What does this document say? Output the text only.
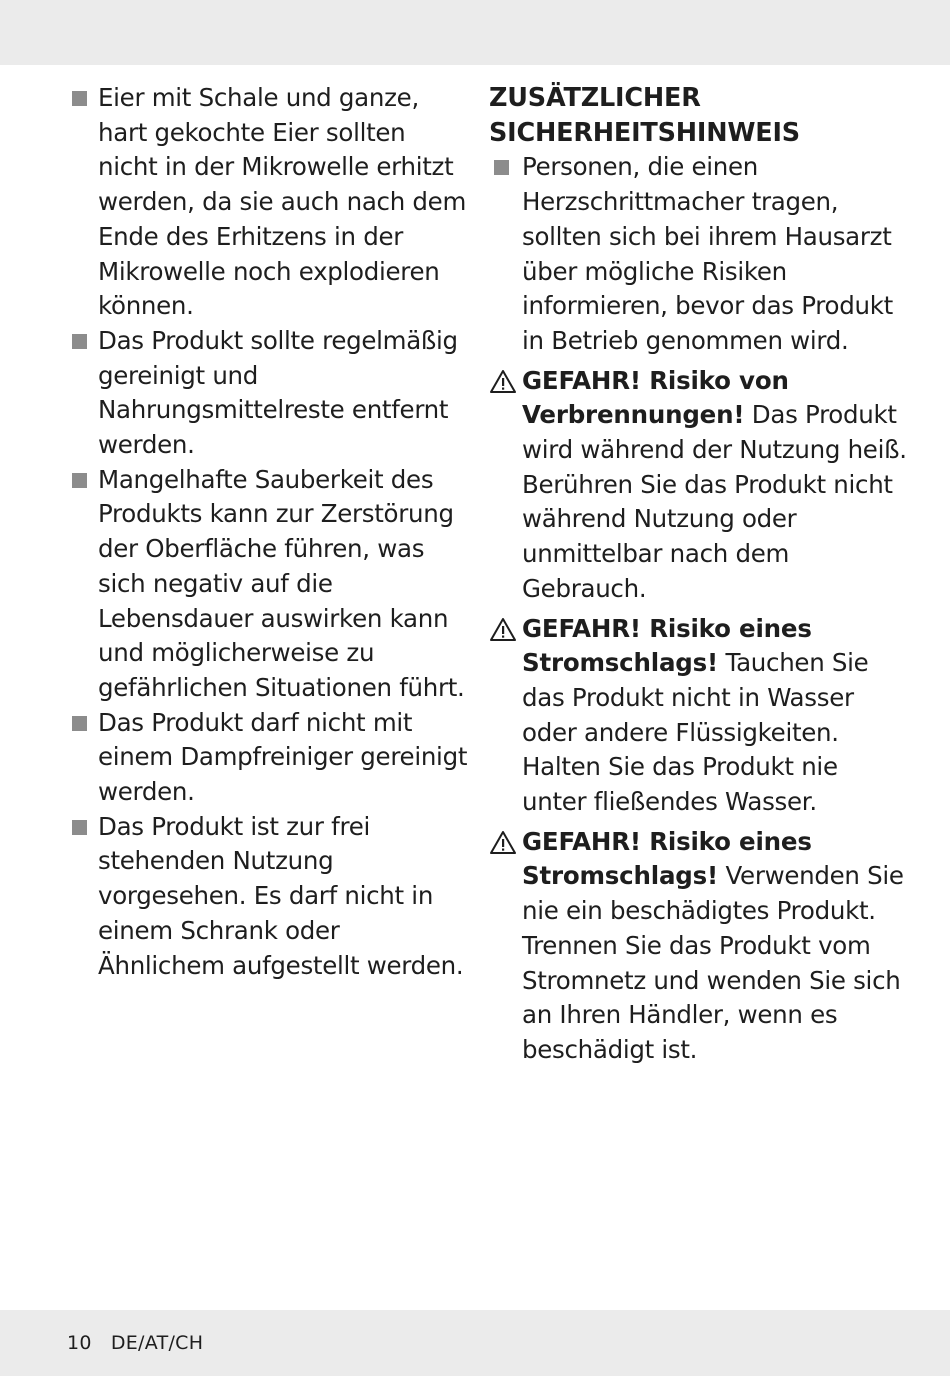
Eier mit Schale und ganze, hart gekochte Eier sollten nicht in der Mikrowelle erhitzt werden, da sie auch nach dem Ende des Erhitzens in der Mikrowelle noch explodieren können.
Das Produkt sollte regelmäßig gereinigt und Nahrungsmittelreste entfernt werden.
Mangelhafte Sauberkeit des Produkts kann zur Zerstörung der Oberfläche führen, was sich negativ auf die Lebensdauer auswirken kann und möglicherweise zu gefährlichen Situationen führt.
Das Produkt darf nicht mit einem Dampfreiniger gereinigt werden.
Das Produkt ist zur frei stehenden Nutzung vorgesehen. Es darf nicht in einem Schrank oder Ähnlichem aufgestellt werden.
ZUSÄTZLICHER
SICHERHEITSHINWEIS
Personen, die einen Herzschrittmacher tragen, sollten sich bei ihrem Hausarzt über mögliche Risiken informieren, bevor das Produkt in Betrieb genommen wird.
GEFAHR! Risiko von Verbrennungen! Das Produkt wird während der Nutzung heiß. Berühren Sie das Produkt nicht während Nutzung oder unmittelbar nach dem Gebrauch.
GEFAHR! Risiko eines Stromschlags! Tauchen Sie das Produkt nicht in Wasser oder andere Flüssigkeiten. Halten Sie das Produkt nie unter fließendes Wasser.
GEFAHR! Risiko eines Stromschlags! Verwenden Sie nie ein beschädigtes Produkt. Trennen Sie das Produkt vom Stromnetz und wenden Sie sich an Ihren Händler, wenn es beschädigt ist.
10 DE/AT/CH
